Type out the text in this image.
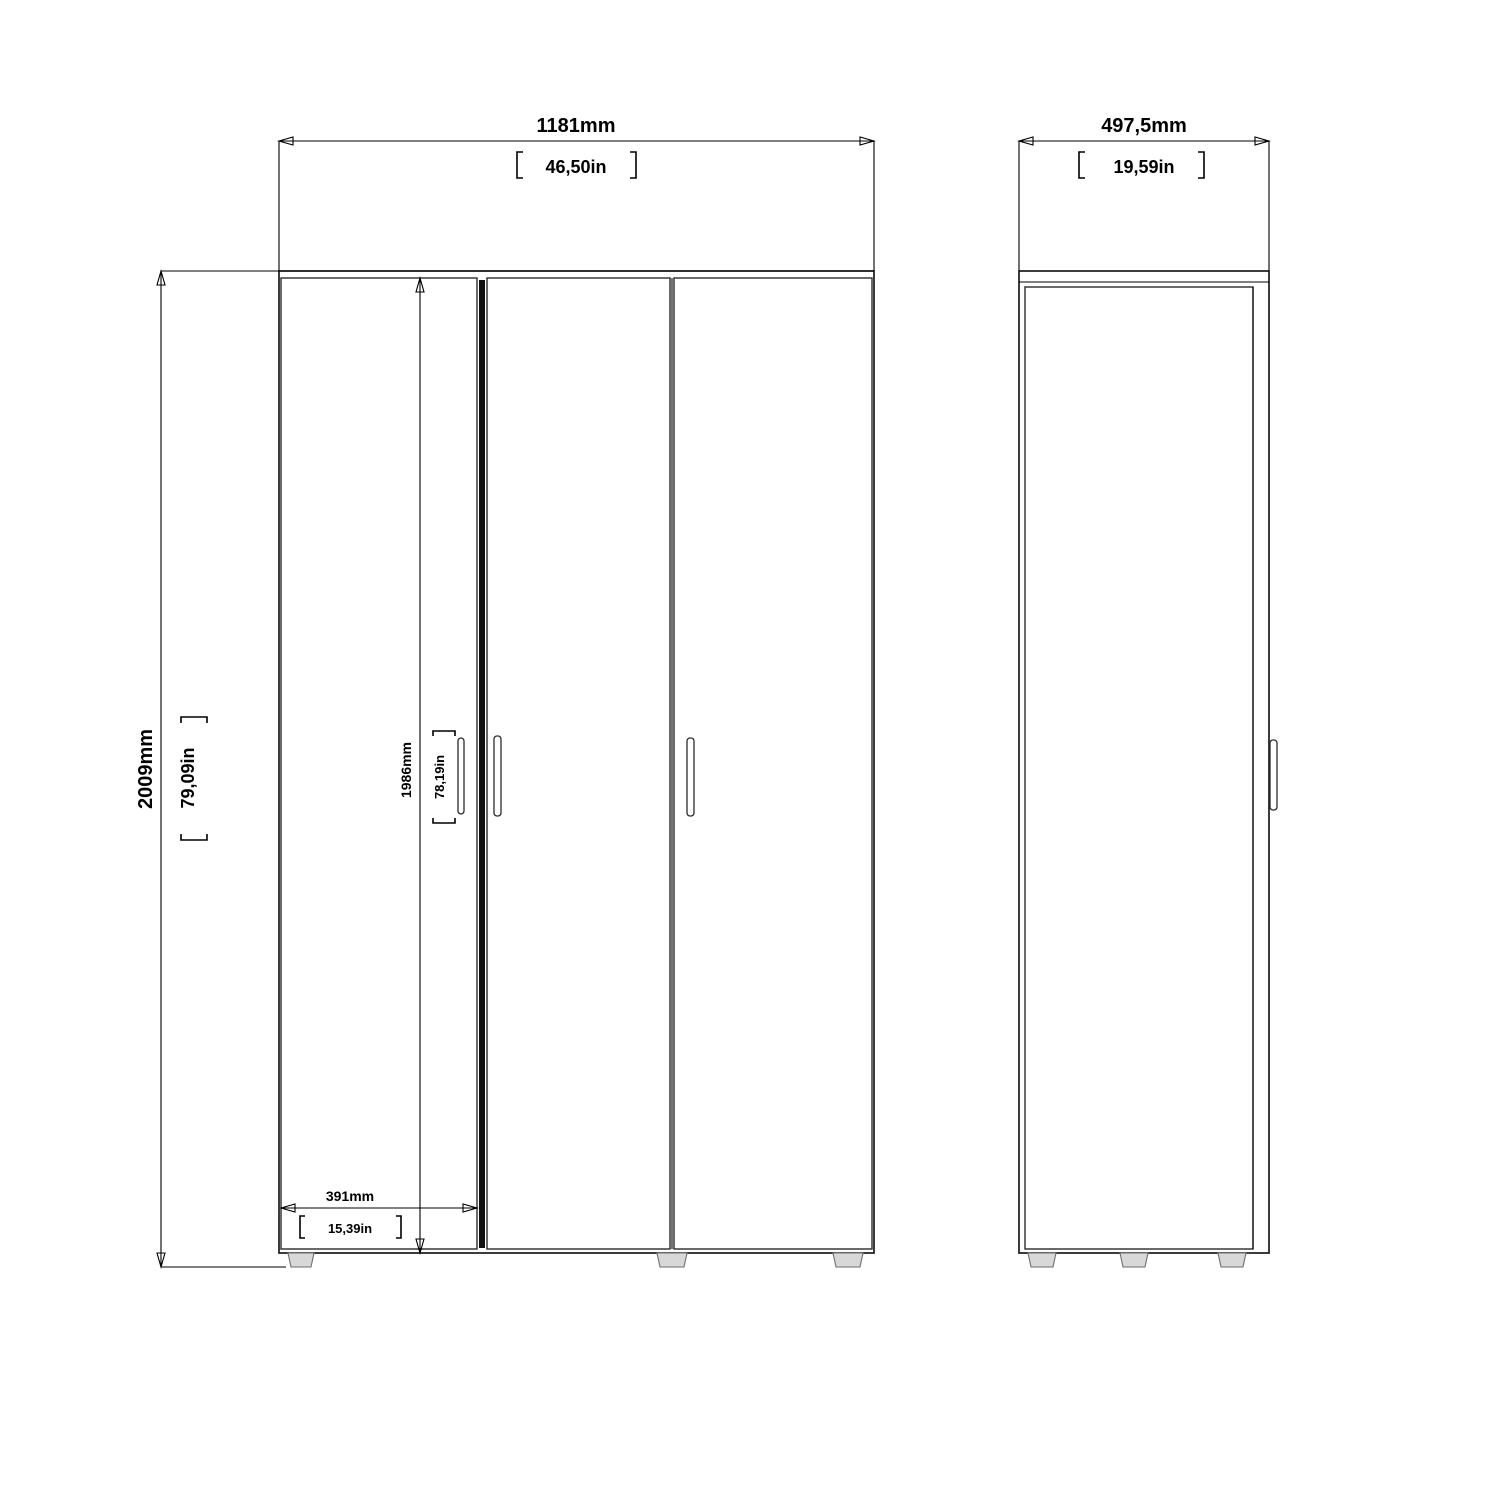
1181mm
46,50in
2009mm 79,09in	1986mm 78,19in
391mm
15,39in
497,5mm
19,59in
